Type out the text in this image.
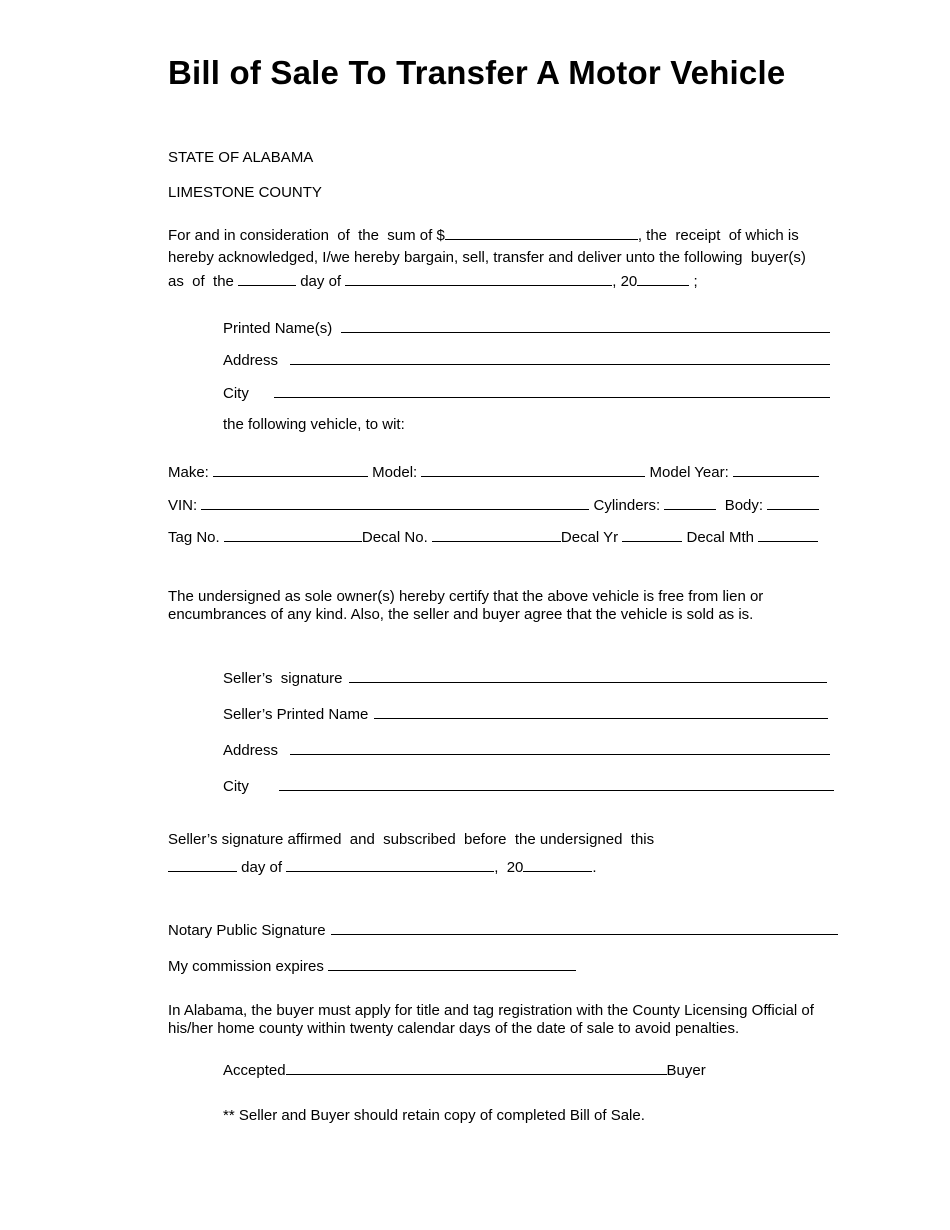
Bill of Sale To Transfer A Motor Vehicle
STATE OF ALABAMA
LIMESTONE COUNTY
For and in consideration  of  the  sum of $	, the  receipt  of which is
hereby acknowledged, I/we hereby bargain, sell, transfer and deliver unto the following  buyer(s)
as  of  the	day of	, 20	;
Printed Name(s)
Address
City
the following vehicle, to wit:
Make:	Model:	Model Year:
VIN:	Cylinders:	Body:
Tag No.	Decal No.	Decal Yr	Decal Mth
The undersigned as sole owner(s) hereby certify that the above vehicle is free from lien or
encumbrances of any kind. Also, the seller and buyer agree that the vehicle is sold as is.
Seller’s  signature
Seller’s Printed Name
Address
City
Seller’s signature affirmed  and  subscribed  before  the undersigned  this
day of	,  20	.
Notary Public Signature
My commission expires
In Alabama, the buyer must apply for title and tag registration with the County Licensing Official of
his/her home county within twenty calendar days of the date of sale to avoid penalties.
Accepted	Buyer
** Seller and Buyer should retain copy of completed Bill of Sale.
